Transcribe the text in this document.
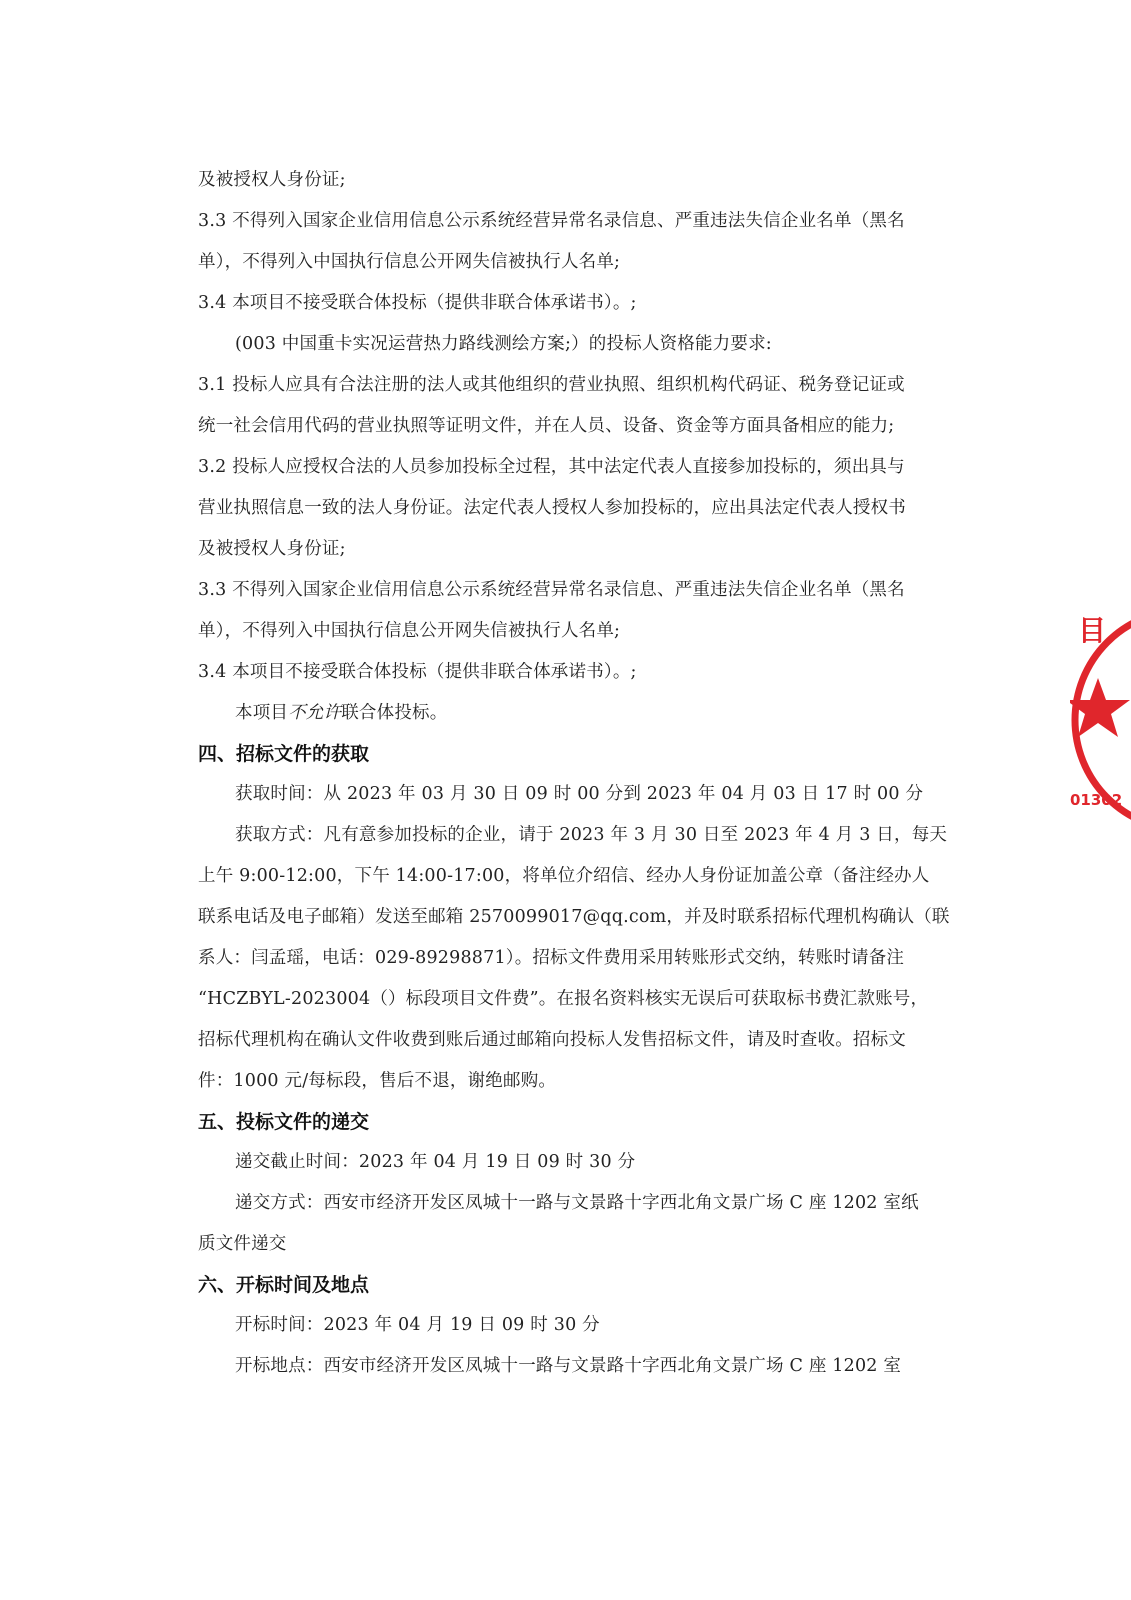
及被授权人身份证;
3.3 不得列入国家企业信用信息公示系统经营异常名录信息、严重违法失信企业名单（黑名
单），不得列入中国执行信息公开网失信被执行人名单;
3.4 本项目不接受联合体投标（提供非联合体承诺书）。;
(003 中国重卡实况运营热力路线测绘方案;）的投标人资格能力要求:
3.1 投标人应具有合法注册的法人或其他组织的营业执照、组织机构代码证、税务登记证或
统一社会信用代码的营业执照等证明文件，并在人员、设备、资金等方面具备相应的能力;
3.2 投标人应授权合法的人员参加投标全过程，其中法定代表人直接参加投标的，须出具与
营业执照信息一致的法人身份证。法定代表人授权人参加投标的，应出具法定代表人授权书
及被授权人身份证;
3.3 不得列入国家企业信用信息公示系统经营异常名录信息、严重违法失信企业名单（黑名
单），不得列入中国执行信息公开网失信被执行人名单;
3.4 本项目不接受联合体投标（提供非联合体承诺书）。;
本项目不允许联合体投标。
四、招标文件的获取
获取时间：从 2023 年 03 月 30 日 09 时 00 分到 2023 年 04 月 03 日 17 时 00 分
获取方式：凡有意参加投标的企业，请于 2023 年 3 月 30 日至 2023 年 4 月 3 日，每天
上午 9:00-12:00，下午 14:00-17:00，将单位介绍信、经办人身份证加盖公章（备注经办人
联系电话及电子邮箱）发送至邮箱 2570099017@qq.com，并及时联系招标代理机构确认（联
系人：闫孟瑶，电话：029-89298871）。招标文件费用采用转账形式交纳，转账时请备注
“HCZBYL-2023004（）标段项目文件费”。在报名资料核实无误后可获取标书费汇款账号，
招标代理机构在确认文件收费到账后通过邮箱向投标人发售招标文件，请及时查收。招标文
件：1000 元/每标段，售后不退，谢绝邮购。
五、投标文件的递交
递交截止时间：2023 年 04 月 19 日 09 时 30 分
递交方式：西安市经济开发区凤城十一路与文景路十字西北角文景广场 C 座 1202 室纸
质文件递交
六、开标时间及地点
开标时间：2023 年 04 月 19 日 09 时 30 分
开标地点：西安市经济开发区凤城十一路与文景路十字西北角文景广场 C 座 1202 室
目
01302
